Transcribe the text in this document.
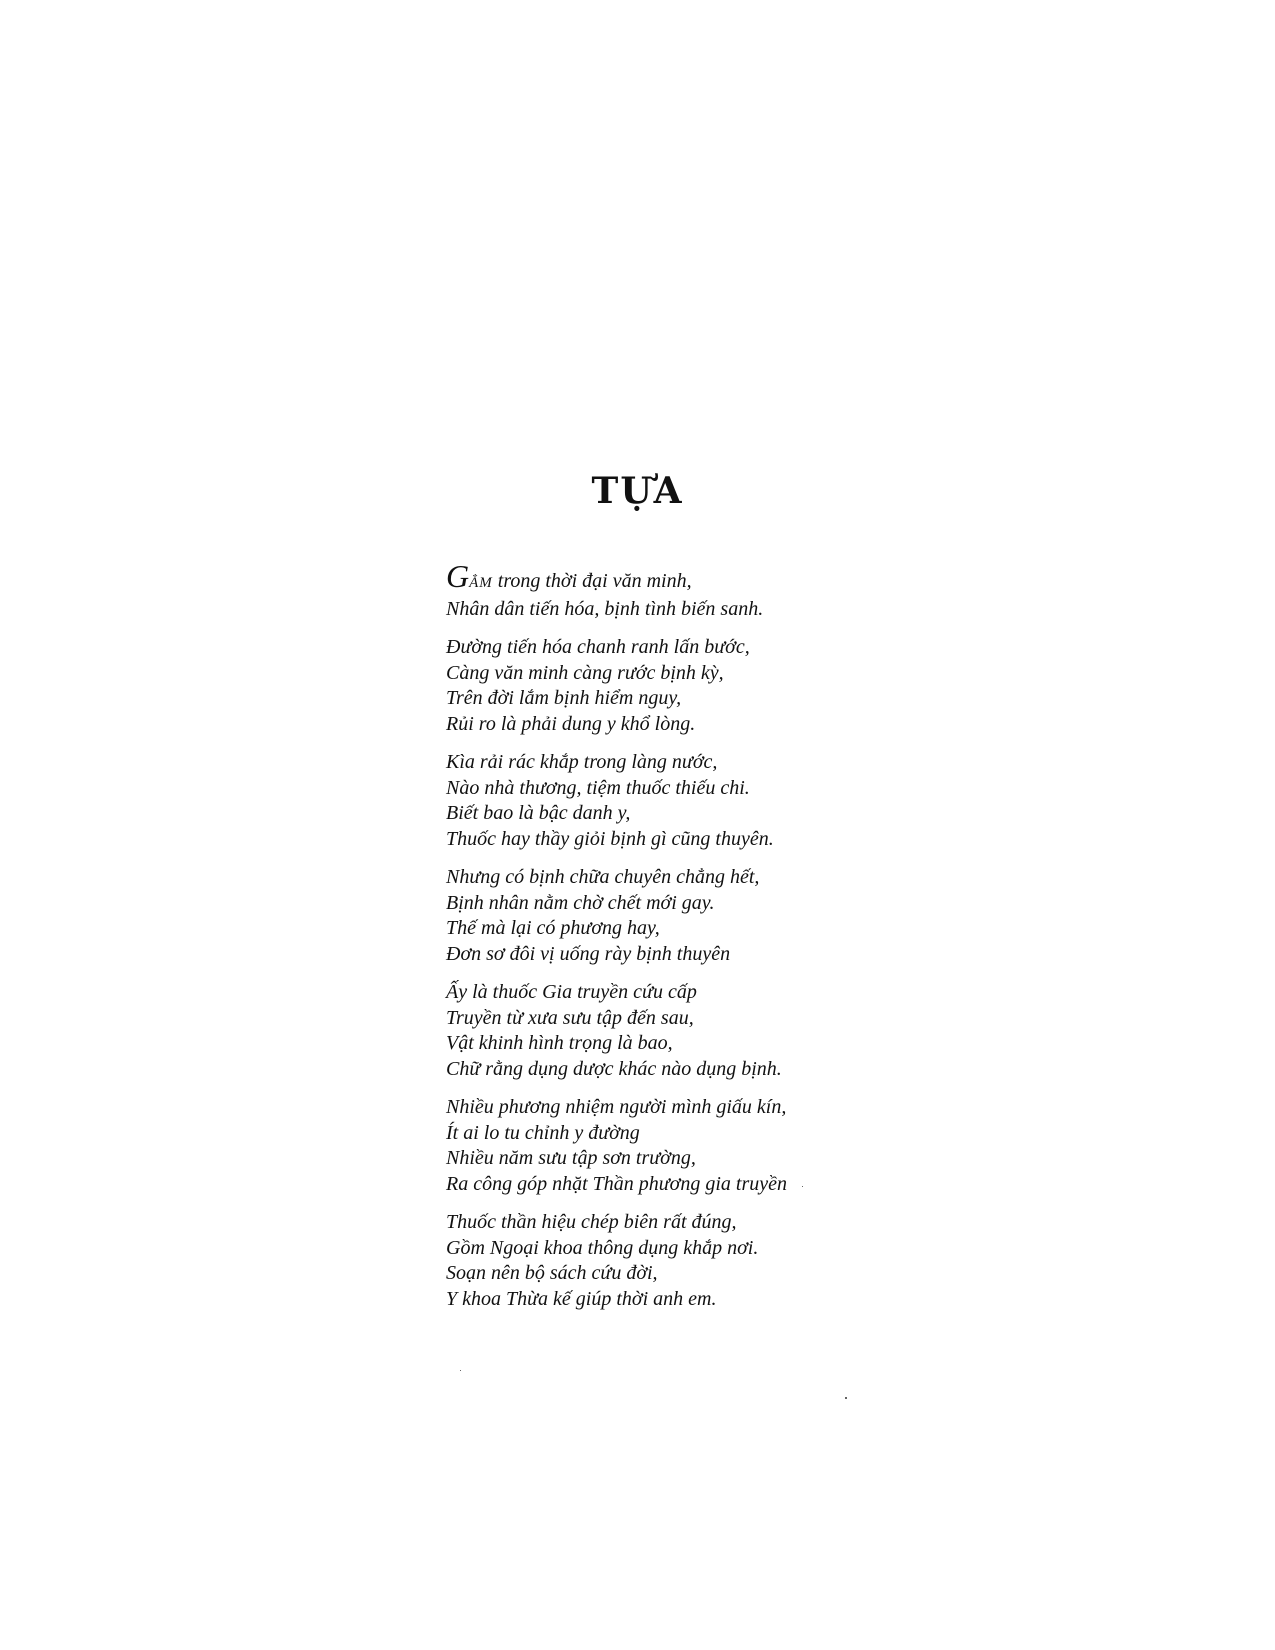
TỰA
GẲM trong thời đại văn minh,
Nhân dân tiến hóa, bịnh tình biến sanh.
Đường tiến hóa chanh ranh lấn bước,
Càng văn minh càng rước bịnh kỳ,
Trên đời lắm bịnh hiểm nguy,
Rủi ro là phải dung y khổ lòng.
Kìa rải rác khắp trong làng nước,
Nào nhà thương, tiệm thuốc thiếu chi.
Biết bao là bậc danh y,
Thuốc hay thầy giỏi bịnh gì cũng thuyên.
Nhưng có bịnh chữa chuyên chẳng hết,
Bịnh nhân nằm chờ chết mới gay.
Thế mà lại có phương hay,
Đơn sơ đôi vị uống rày bịnh thuyên
Ấy là thuốc Gia truyền cứu cấp
Truyền từ xưa sưu tập đến sau,
Vật khinh hình trọng là bao,
Chữ rằng dụng dược khác nào dụng bịnh.
Nhiều phương nhiệm người mình giấu kín,
Ít ai lo tu chỉnh y đường
Nhiều năm sưu tập sơn trường,
Ra công góp nhặt Thần phương gia truyền
Thuốc thần hiệu chép biên rất đúng,
Gồm Ngoại khoa thông dụng khắp nơi.
Soạn nên bộ sách cứu đời,
Y khoa Thừa kế giúp thời anh em.
